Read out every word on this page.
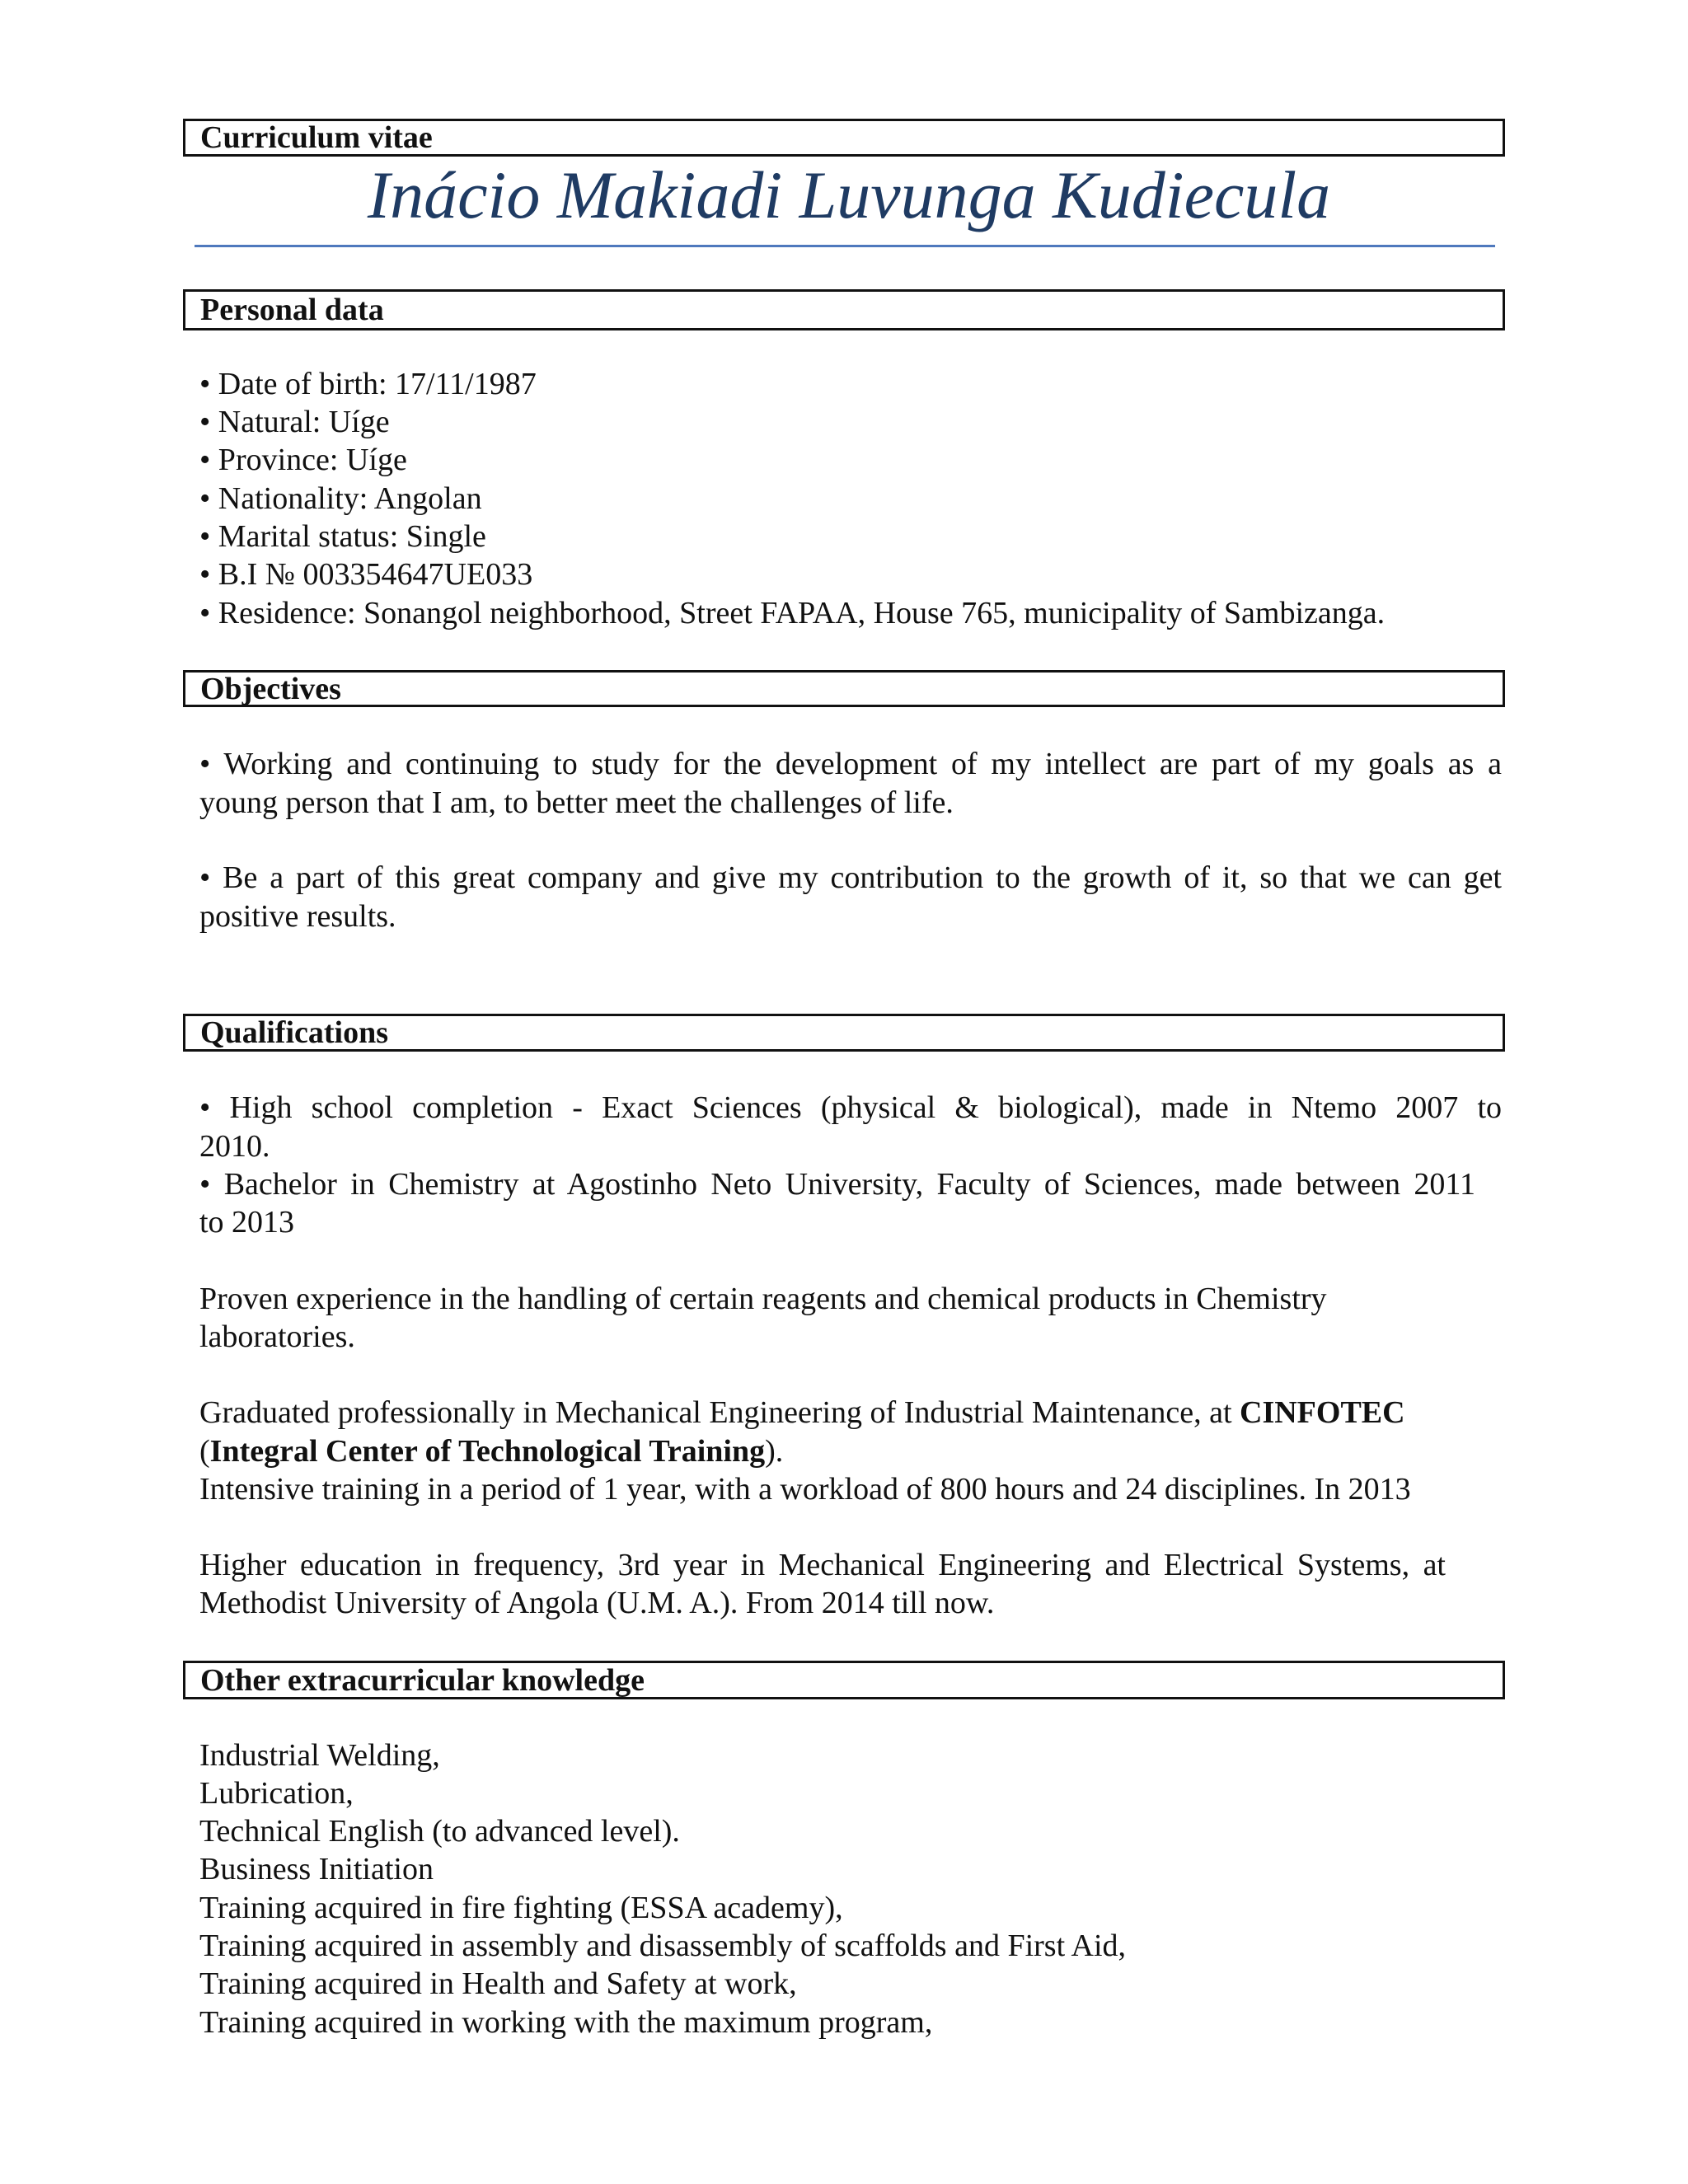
Curriculum vitae
Inácio Makiadi Luvunga Kudiecula
Personal data
• Date of birth: 17/11/1987
• Natural: Uíge
• Province: Uíge
• Nationality: Angolan
• Marital status: Single
• B.I № 003354647UE033
• Residence: Sonangol neighborhood, Street FAPAA, House 765, municipality of Sambizanga.
Objectives
• Working and continuing to study for the development of my intellect are part of my goals as a
young person that I am, to better meet the challenges of life.
• Be a part of this great company and give my contribution to the growth of it, so that we can get
positive results.
Qualifications
• High school completion - Exact Sciences (physical & biological), made in Ntemo 2007 to
2010.
• Bachelor in Chemistry at Agostinho Neto University, Faculty of Sciences, made between 2011
to 2013
Proven experience in the handling of certain reagents and chemical products in Chemistry
laboratories.
Graduated professionally in Mechanical Engineering of Industrial Maintenance, at CINFOTEC
(Integral Center of Technological Training).
Intensive training in a period of 1 year, with a workload of 800 hours and 24 disciplines. In 2013
Higher education in frequency, 3rd year in Mechanical Engineering and Electrical Systems, at
Methodist University of Angola (U.M. A.). From 2014 till now.
Other extracurricular knowledge
Industrial Welding,
Lubrication,
Technical English (to advanced level).
Business Initiation
Training acquired in fire fighting (ESSA academy),
Training acquired in assembly and disassembly of scaffolds and First Aid,
Training acquired in Health and Safety at work,
Training acquired in working with the maximum program,
